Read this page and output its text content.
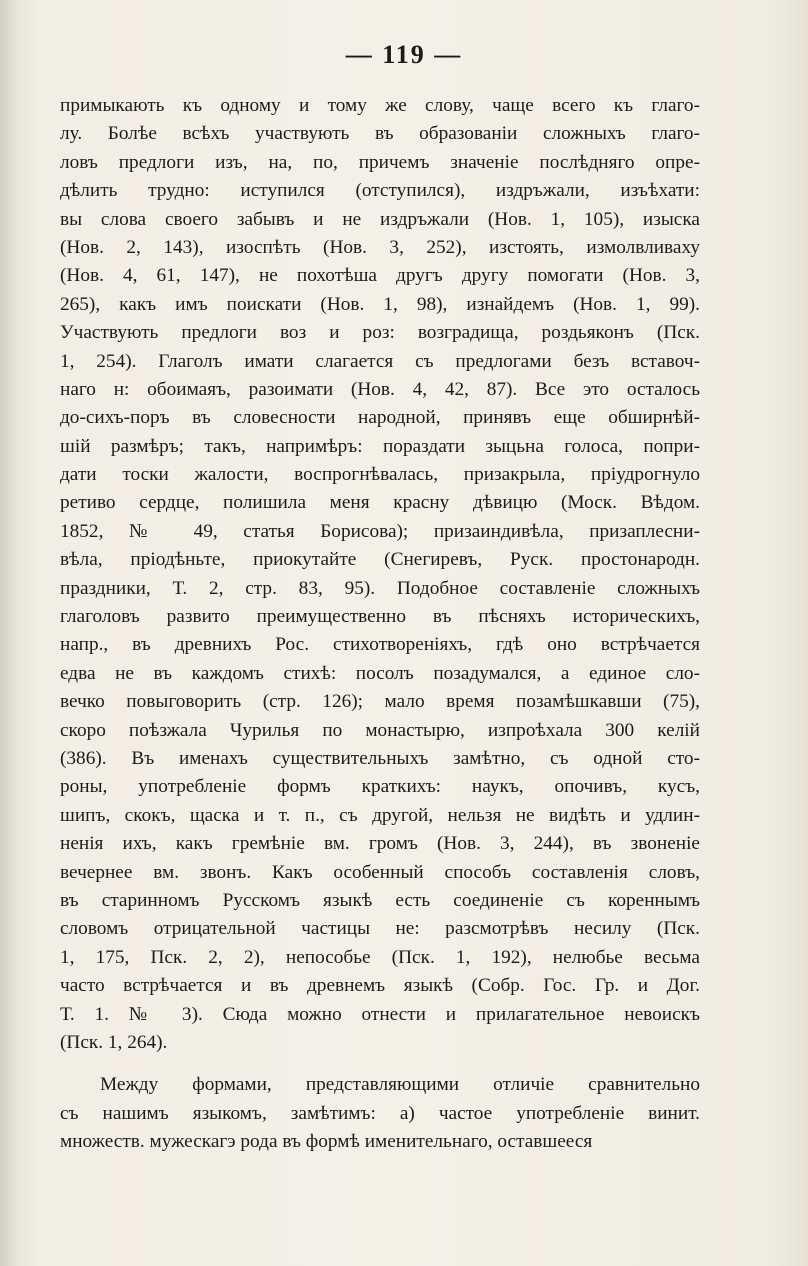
— 119 —
примыкають къ одному и тому же слову, чаще всего къ глаго-
лу. Болѣе всѣхъ участвують въ образованіи сложныхъ глаго-
ловъ предлоги изъ, на, по, причемъ значеніе послѣдняго опре-
дѣлить трудно: иступился (отступился), издръжали, изъѣхати:
вы слова своего забывъ и не издръжали (Нов. 1, 105), изыска
(Нов. 2, 143), изоспѣть (Нов. 3, 252), изстоять, измолвливаху
(Нов. 4, 61, 147), не похотѣша другъ другу помогати (Нов. 3,
265), какъ имъ поискати (Нов. 1, 98), изнайдемъ (Нов. 1, 99).
Участвують предлоги воз и роз: возградища, роздьяконъ (Пск.
1, 254). Глаголъ имати слагается съ предлогами безъ вставоч-
наго н: обоимаяъ, разоимати (Нов. 4, 42, 87). Все это осталось
до-сихъ-поръ въ словесности народной, принявъ еще обширнѣй-
шій размѣръ; такъ, напримѣръ: пораздати зыцьна голоса, попри-
дати тоски жалости, воспрогнѣвалась, призакрыла, пріудрогнуло
ретиво сердце, полишила меня красну дѣвицю (Моск. Вѣдом.
1852, № 49, статья Борисова); призаиндивѣла, призаплесни-
вѣла, пріодѣньте, приокутайте (Снегиревъ, Руск. простонародн.
праздники, Т. 2, стр. 83, 95). Подобное составленіе сложныхъ
глаголовъ развито преимущественно въ пѣсняхъ историческихъ,
напр., въ древнихъ Рос. стихотвореніяхъ, гдѣ оно встрѣчается
едва не въ каждомъ стихѣ: посолъ позадумался, а единое сло-
вечко повыговорить (стр. 126); мало время позамѣшкавши (75),
скоро поѣзжала Чурилья по монастырю, изпроѣхала 300 келій
(386). Въ именахъ существительныхъ замѣтно, съ одной сто-
роны, употребленіе формъ краткихъ: наукъ, опочивъ, кусъ,
шипъ, скокъ, щаска и т. п., съ другой, нельзя не видѣть и удлин-
ненія ихъ, какъ гремѣніе вм. громъ (Нов. 3, 244), въ звоненіе
вечернее вм. звонъ. Какъ особенный способъ составленія словъ,
въ старинномъ Русскомъ языкѣ есть соединеніе съ кореннымъ
словомъ отрицательной частицы не: разсмотрѣвъ несилу (Пск.
1, 175, Пск. 2, 2), непособье (Пск. 1, 192), нелюбье весьма
часто встрѣчается и въ древнемъ языкѣ (Собр. Гос. Гр. и Дог.
Т. 1. № 3). Сюда можно отнести и прилагательное невоискъ
(Пск. 1, 264).
Между формами, представляющими отличіе сравнительно
съ нашимъ языкомъ, замѣтимъ: а) частое употребленіе винит.
множеств. мужескагэ рода въ формѣ именительнаго, оставшееся
